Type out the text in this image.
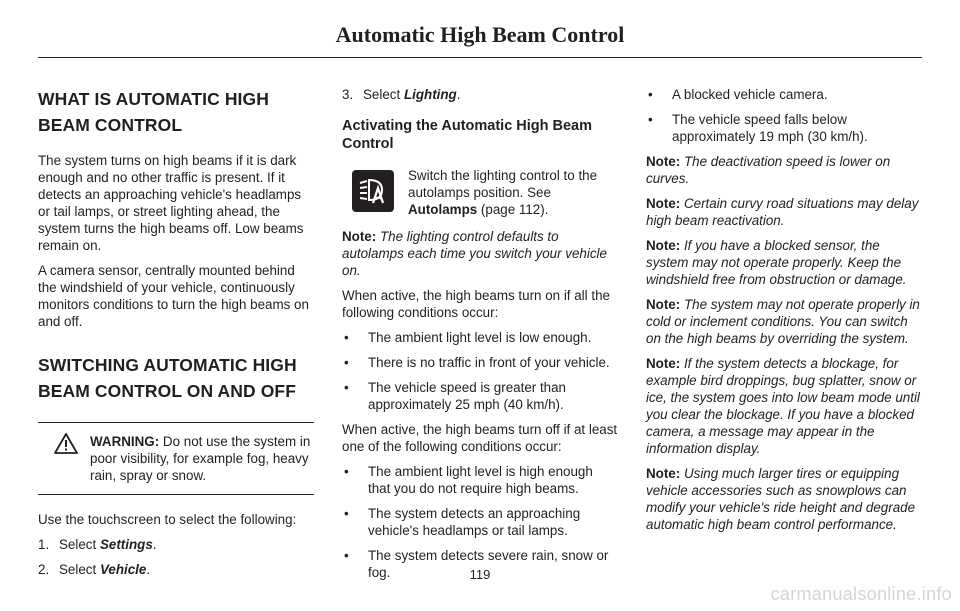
Automatic High Beam Control
WHAT IS AUTOMATIC HIGH BEAM CONTROL

The system turns on high beams if it is dark enough and no other traffic is present. If it detects an approaching vehicle's headlamps or tail lamps, or street lighting ahead, the system turns the high beams off. Low beams remain on.

A camera sensor, centrally mounted behind the windshield of your vehicle, continuously monitors conditions to turn the high beams on and off.

SWITCHING AUTOMATIC HIGH BEAM CONTROL ON AND OFF
WARNING: Do not use the system in poor visibility, for example fog, heavy rain, spray or snow.

Use the touchscreen to select the following:

1. Select Settings.
2. Select Vehicle.
3. Select Lighting.
Activating the Automatic High Beam Control
Switch the lighting control to the autolamps position. See Autolamps (page 112).

Note: The lighting control defaults to autolamps each time you switch your vehicle on.

When active, the high beams turn on if all the following conditions occur:

•	The ambient light level is low enough.
•	There is no traffic in front of your vehicle.
•	The vehicle speed is greater than approximately 25 mph (40 km/h).

When active, the high beams turn off if at least one of the following conditions occur:

•	The ambient light level is high enough that you do not require high beams.
•	The system detects an approaching vehicle's headlamps or tail lamps.
•	The system detects severe rain, snow or fog.
•	A blocked vehicle camera.
•	The vehicle speed falls below approximately 19 mph (30 km/h).

Note: The deactivation speed is lower on curves.

Note: Certain curvy road situations may delay high beam reactivation.

Note: If you have a blocked sensor, the system may not operate properly. Keep the windshield free from obstruction or damage.

Note: The system may not operate properly in cold or inclement conditions. You can switch on the high beams by overriding the system.

Note: If the system detects a blockage, for example bird droppings, bug splatter, snow or ice, the system goes into low beam mode until you clear the blockage. If you have a blocked camera, a message may appear in the information display.

Note: Using much larger tires or equipping vehicle accessories such as snowplows can modify your vehicle's ride height and degrade automatic high beam control performance.

119
carmanualsonline.info
